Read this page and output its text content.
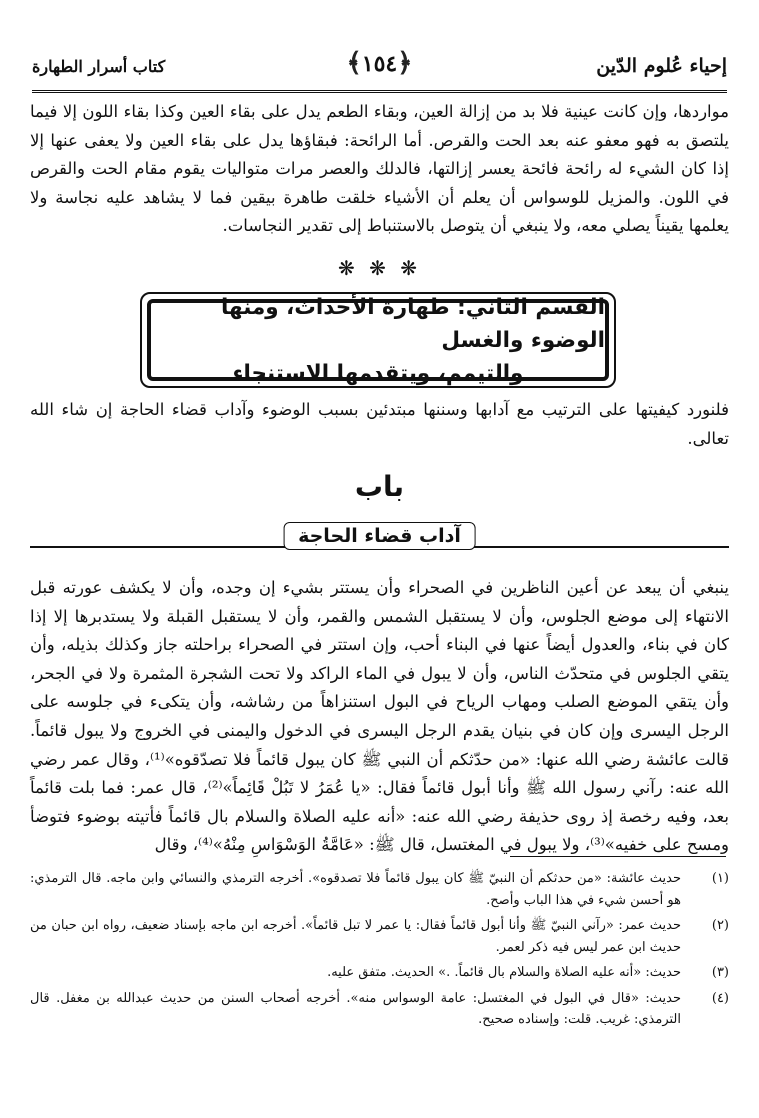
إحياء عُلوم الدّين
﴿١٥٤﴾
كتاب أسرار الطهارة
مواردها، وإن كانت عينية فلا بد من إزالة العين، وبقاء الطعم يدل على بقاء العين وكذا بقاء اللون إلا فيما يلتصق به فهو معفو عنه بعد الحت والقرص. أما الرائحة: فبقاؤها يدل على بقاء العين ولا يعفى عنها إلا إذا كان الشيء له رائحة فائحة يعسر إزالتها، فالدلك والعصر مرات متواليات يقوم مقام الحت والقرص في اللون. والمزيل للوسواس أن يعلم أن الأشياء خلقت طاهرة بيقين فما لا يشاهد عليه نجاسة ولا يعلمها يقيناً يصلي معه، ولا ينبغي أن يتوصل بالاستنباط إلى تقدير النجاسات.
❋ ❋ ❋
القسم الثاني: طهارة الأحداث، ومنها الوضوء والغسل
والتيمم، ويتقدمها الاستنجاء
فلنورد كيفيتها على الترتيب مع آدابها وسننها مبتدئين بسبب الوضوء وآداب قضاء الحاجة إن شاء الله تعالى.
باب
آداب قضاء الحاجة
ينبغي أن يبعد عن أعين الناظرين في الصحراء وأن يستتر بشيء إن وجده، وأن لا يكشف عورته قبل الانتهاء إلى موضع الجلوس، وأن لا يستقبل الشمس والقمر، وأن لا يستقبل القبلة ولا يستدبرها إلا إذا كان في بناء، والعدول أيضاً عنها في البناء أحب، وإن استتر في الصحراء براحلته جاز وكذلك بذيله، وأن يتقي الجلوس في متحدّث الناس، وأن لا يبول في الماء الراكد ولا تحت الشجرة المثمرة ولا في الجحر، وأن يتقي الموضع الصلب ومهاب الرياح في البول استنزاهاً من رشاشه، وأن يتكىء في جلوسه على الرجل اليسرى وإن كان في بنيان يقدم الرجل اليسرى في الدخول واليمنى في الخروج ولا يبول قائماً. قالت عائشة رضي الله عنها: «من حدّثكم أن النبي ﷺ كان يبول قائماً فلا تصدّقوه»⁽¹⁾، وقال عمر رضي الله عنه: رآني رسول الله ﷺ وأنا أبول قائماً فقال: «يا عُمَرُ لا تَبُلْ قَائِماً»⁽²⁾، قال عمر: فما بلت قائماً بعد، وفيه رخصة إذ روى حذيفة رضي الله عنه: «أنه عليه الصلاة والسلام بال قائماً فأتيته بوضوء فتوضأ ومسح على خفيه»⁽³⁾، ولا يبول في المغتسل، قال ﷺ: «عَامَّةُ الوَسْوَاسِ مِنْهُ»⁽⁴⁾، وقال
(١)
حديث عائشة: «من حدثكم أن النبيّ ﷺ كان يبول قائماً فلا تصدقوه». أخرجه الترمذي والنسائي وابن ماجه. قال الترمذي: هو أحسن شيء في هذا الباب وأصح.
(٢)
حديث عمر: «رآني النبيّ ﷺ وأنا أبول قائماً فقال: يا عمر لا تبل قائماً». أخرجه ابن ماجه بإسناد ضعيف، رواه ابن حبان من حديث ابن عمر ليس فيه ذكر لعمر.
(٣)
حديث: «أنه عليه الصلاة والسلام بال قائماً. .» الحديث. متفق عليه.
(٤)
حديث: «قال في البول في المغتسل: عامة الوسواس منه». أخرجه أصحاب السنن من حديث عبدالله بن مغفل. قال الترمذي: غريب. قلت: وإسناده صحيح.
